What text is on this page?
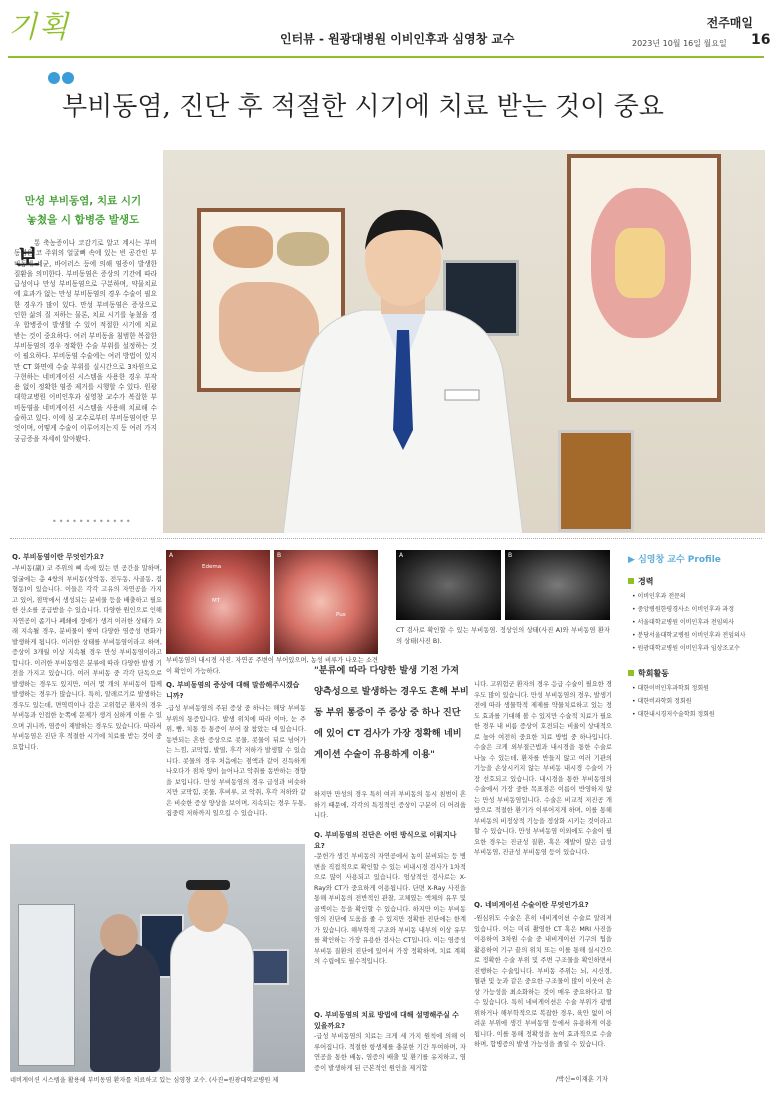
기획	인터뷰 - 원광대병원 이비인후과 심영창 교수
전주매일
2023년 10월 16일 월요일 16
부비동염, 진단 후 적절한 시기에 치료 받는 것이 중요
만성 부비동염, 치료 시기
놓쳤을 시 합병증 발생도
보
통 축농증이나 코감기로 알고 계시는 부비동염은 코 주위의 얼굴뼈 속에 있는 빈 공간인 부비동에 세균, 바이러스 등에 의해 염증이 발생한 질환을 의미한다. 부비동염은 증상의 기간에 따라 급성이나 만성 부비동염으로 구분하며, 약물치료에 효과가 없는 만성 부비동염의 경우 수술이 필요한 경우가 많이 있다. 만성 부비동염은 증상으로 인한 삶의 질 저하는 물론, 치료 시기를 놓쳤을 경우 합병증이 발생할 수 있어 적절한 시기에 치료 받는 것이 중요하다. 여러 부비동을 침범한 복잡한 부비동염의 경우 정확한 수술 부위를 설정하는 것이 필요하다. 부비동염 수술에는 여러 방법이 있지만 CT 화면에 수술 부위를 실시간으로 3차원으로 구현하는 네비게이션 시스템을 사용한 경우 부작용 없이 정확한 염증 제거를 시행할 수 있다. 원광대학교병원 이비인후과 심영창 교수가 복잡한 부비동염을 네비게이션 시스템을 사용해 치료해 수술하고 있다. 이에 심 교수로부터 부비동염이란 무엇이며, 어떻게 수술이 이루어지는지 등 여러 가지 궁금증을 자세히 알아봤다.
••••••••••••
Q. 부비동염이란 무엇인가요?
-부비동(副) 코 주위의 뼈 속에 있는 빈 공간을 말하며, 얼굴에는 총 4쌍의 부비동(상악동, 전두동, 사골동, 접형동)이 있습니다. 이들은 각각 고유의 자연공을 가지고 있어, 점막에서 생성되는 분비물 등을 배출하고 필요한 산소를 공급받을 수 있습니다. 다양한 원인으로 인해 자연공이 좁기나 폐쇄에 장애가 생겨 이러한 상태가 오래 지속될 경우, 분비물이 쌓여 다양한 염증성 변화가 발생하게 됩니다. 이러한 상태를 부비동염이라고 하며, 증상이 3개월 이상 지속될 경우 만성 부비동염이라고 합니다. 이러한 부비동염은 분류에 따라 다양한 발생 기전을 가지고 있습니다. 여러 부비동 중 각각 단독으로 발생하는 경우도 있지만, 여러 몇 개의 부비동이 함께 발생하는 경우가 많습니다. 특히, 알레르기로 발생하는 경우도 있는데, 면역력이나 감은 고위험군 환자의 경우 부비동과 인접한 눈쪽에 문제가 생겨 심하게 이를 수 있으며 귀니까, 염증이 재발하는 경우도 있습니다. 따라서 부비동염은 진단 후 적절한 시기에 치료를 받는 것이 중요합니다.
A
Edema
MT
B
Pus
부비동염의 내시경 사진. 자연공 주변이 부어있으며, 농성 비루가 나오는 소견이 확인이 가능하다.
A	B
CT 검사로 확인할 수 있는 부비동염. 정상인의 상태(사진 A)와 부비동염 환자의 상태(사진 B).
▶ 심영창 교수 Profile
경력
• 이비인후과 전문의
• 중앙병원한평경사소 이비인후과 과정
• 서울대학교병원 이비인후과 전임의사
• 분당서울대학교병원 이비인후과 전임의사
• 원광대학교병원 이비인후과 임상조교수
학회활동
• 대한이비인후과학회 정회원
• 대한비과학회 정회원
• 대한내시경저수술학회 정회원
Q. 부비동염의 증상에 대해 말씀해주시겠습니까?
-급성 부비동염의 주된 증상 중 하나는 해당 부비동 부위의 통증입니다. 발생 위치에 따라 이마, 눈 주위, 뺨, 치통 등 통증이 부어 잘 참았는 대 있습니다. 동반되는 흔한 증상으로 콧물, 콧물이 뒤로 넘어가는 느낌, 코막힘, 발열, 후각 저하가 발생할 수 있습니다. 콧물의 경우 처음에는 점액과 같이 진득하게 나오다가 점차 양이 늘어나고 악취를 동반하는 경향을 보입니다. 만성 부비동염의 경우 급성과 비슷하지만 코막힘, 콧물, 후비루, 코 악취, 후각 저하와 같은 비슷한 증상 양상을 보이며, 지속되는 경우 두통, 집중력 저하까지 일으킬 수 있습니다.
"분류에 따라 다양한 발생 기전 가져 양측성으로 발생하는 경우도 흔해 부비동 부위 통증이 주 증상 중 하나 진단에 있어 CT 검사가 가장 정확해 네비게이션 수술이 유용하게 이용"
하지만 만성의 경우 특히 여러 부비동의 동시 침범이 흔하기 때문에, 각각의 특징적인 증상이 구분이 더 어려웁니다.
Q. 부비동염의 진단은 어떤 방식으로 이뤄지나요?
-문헌가 생긴 부비동의 자연공에서 농이 분비되는 등 병변을 직접적으로 확인할 수 있는 비내시경 검사가 1차적으로 많이 사용되고 있습니다. 엄상적인 검사로는 X-Ray와 CT가 중요하게 이용됩니다. 단면 X-Ray 사진을 통해 부비동의 전반적인 관찰, 고체였는 액체의 유무 및 골벽이는 등을 확인할 수 있습니다. 하지만 이는 부비동염의 진단에 도움을 줄 수 있지만 정확한 진단에는 한계가 있습니다. 해부학적 구조와 부비동 내부의 이상 유무를 확인하는 가장 유용한 검사는 CT입니다. 이는 염증성 부비동 질환의 진단에 있어서 가장 정확하며, 치료 계획의 수립에도 필수적입니다.
Q. 부비동염의 치료 방법에 대해 설명해주실 수 있을까요?
-급성 부비동염의 치료는 크게 세 가지 원칙에 의해 이루어집니다. 적절한 항생제를 충분한 기간 투여하며, 자연공을 통한 배농, 염증의 배출 및 환기를 유지하고, 염증이 발생하게 된 근본적인 원인을 제거합
니다. 고위험군 환자의 경우 응급 수술이 필요한 경우도 많이 있습니다. 만성 부비동염의 경우, 발생기전에 따라 생물학적 제제를 약물치료하고 있는 정도 효과를 기대해 볼 수 있지만 수술적 치료가 필요한 경우 내 비름 증상이 호전되는 비율이 상대적으로 높아 여전히 중요한 치료 방법 중 하나입니다. 수술은 크게 외부절근법과 내시경을 통한 수술로 나눌 수 있는데, 환자를 반들지 않고 여러 기관의 기능을 손상시키지 않는 부비동 내시경 수술이 가장 선호되고 있습니다. 내시경을 통한 부비동염의 수술에서 가장 중한 목표점은 이름이 반영하지 않는 만성 부비동염입니다. 수술은 비교적 저진공 개방으로 적절한 환기가 이루어지게 하며, 이를 통해 부비동의 비정상적 기능을 정상화 시키는 것이라고 할 수 있습니다. 만성 부비동염 이외에도 수술이 필요한 경우는 진균성 질환, 혹은 재발이 많은 급성 부비동염, 진균성 부비동염 등이 있습니다.
Q. 네비게이션 수술이란 무엇인가요?
-원심위도 수술은 흔히 네비게이션 수술로 알려져 있습니다. 이는 미리 촬영한 CT 혹은 MRI 사진을 이용하여 3차원 수술 중 내비게이션 기구의 팁을 활용하여 기구 끝의 위치 또는 이를 통해 실시간으로 정확한 수술 부위 및 주변 구조물을 확인하면서 진행하는 수술입니다. 부비동 주위는 뇌, 시신경, 혈관 및 눈과 같은 중요한 구조물이 많이 이웃어 손상 가능성을 최소화하는 것이 매우 중요하다고 할 수 있습니다. 특히 네비게이션은 수술 부위가 광범위하거나 해부학적으로 복잡한 경우, 육안 없이 어려운 부위에 생긴 부비동염 등에서 유용하게 이용됩니다. 이를 통해 정확성을 높여 효과적으로 수술하며, 합병증의 발생 가능성을 줄일 수 있습니다.
/박신=이재훈 기자
네비게이션 시스템을 활용해 부비동염 환자를 치료하고 있는 심영창 교수. (사진=원광대학교병원 제
